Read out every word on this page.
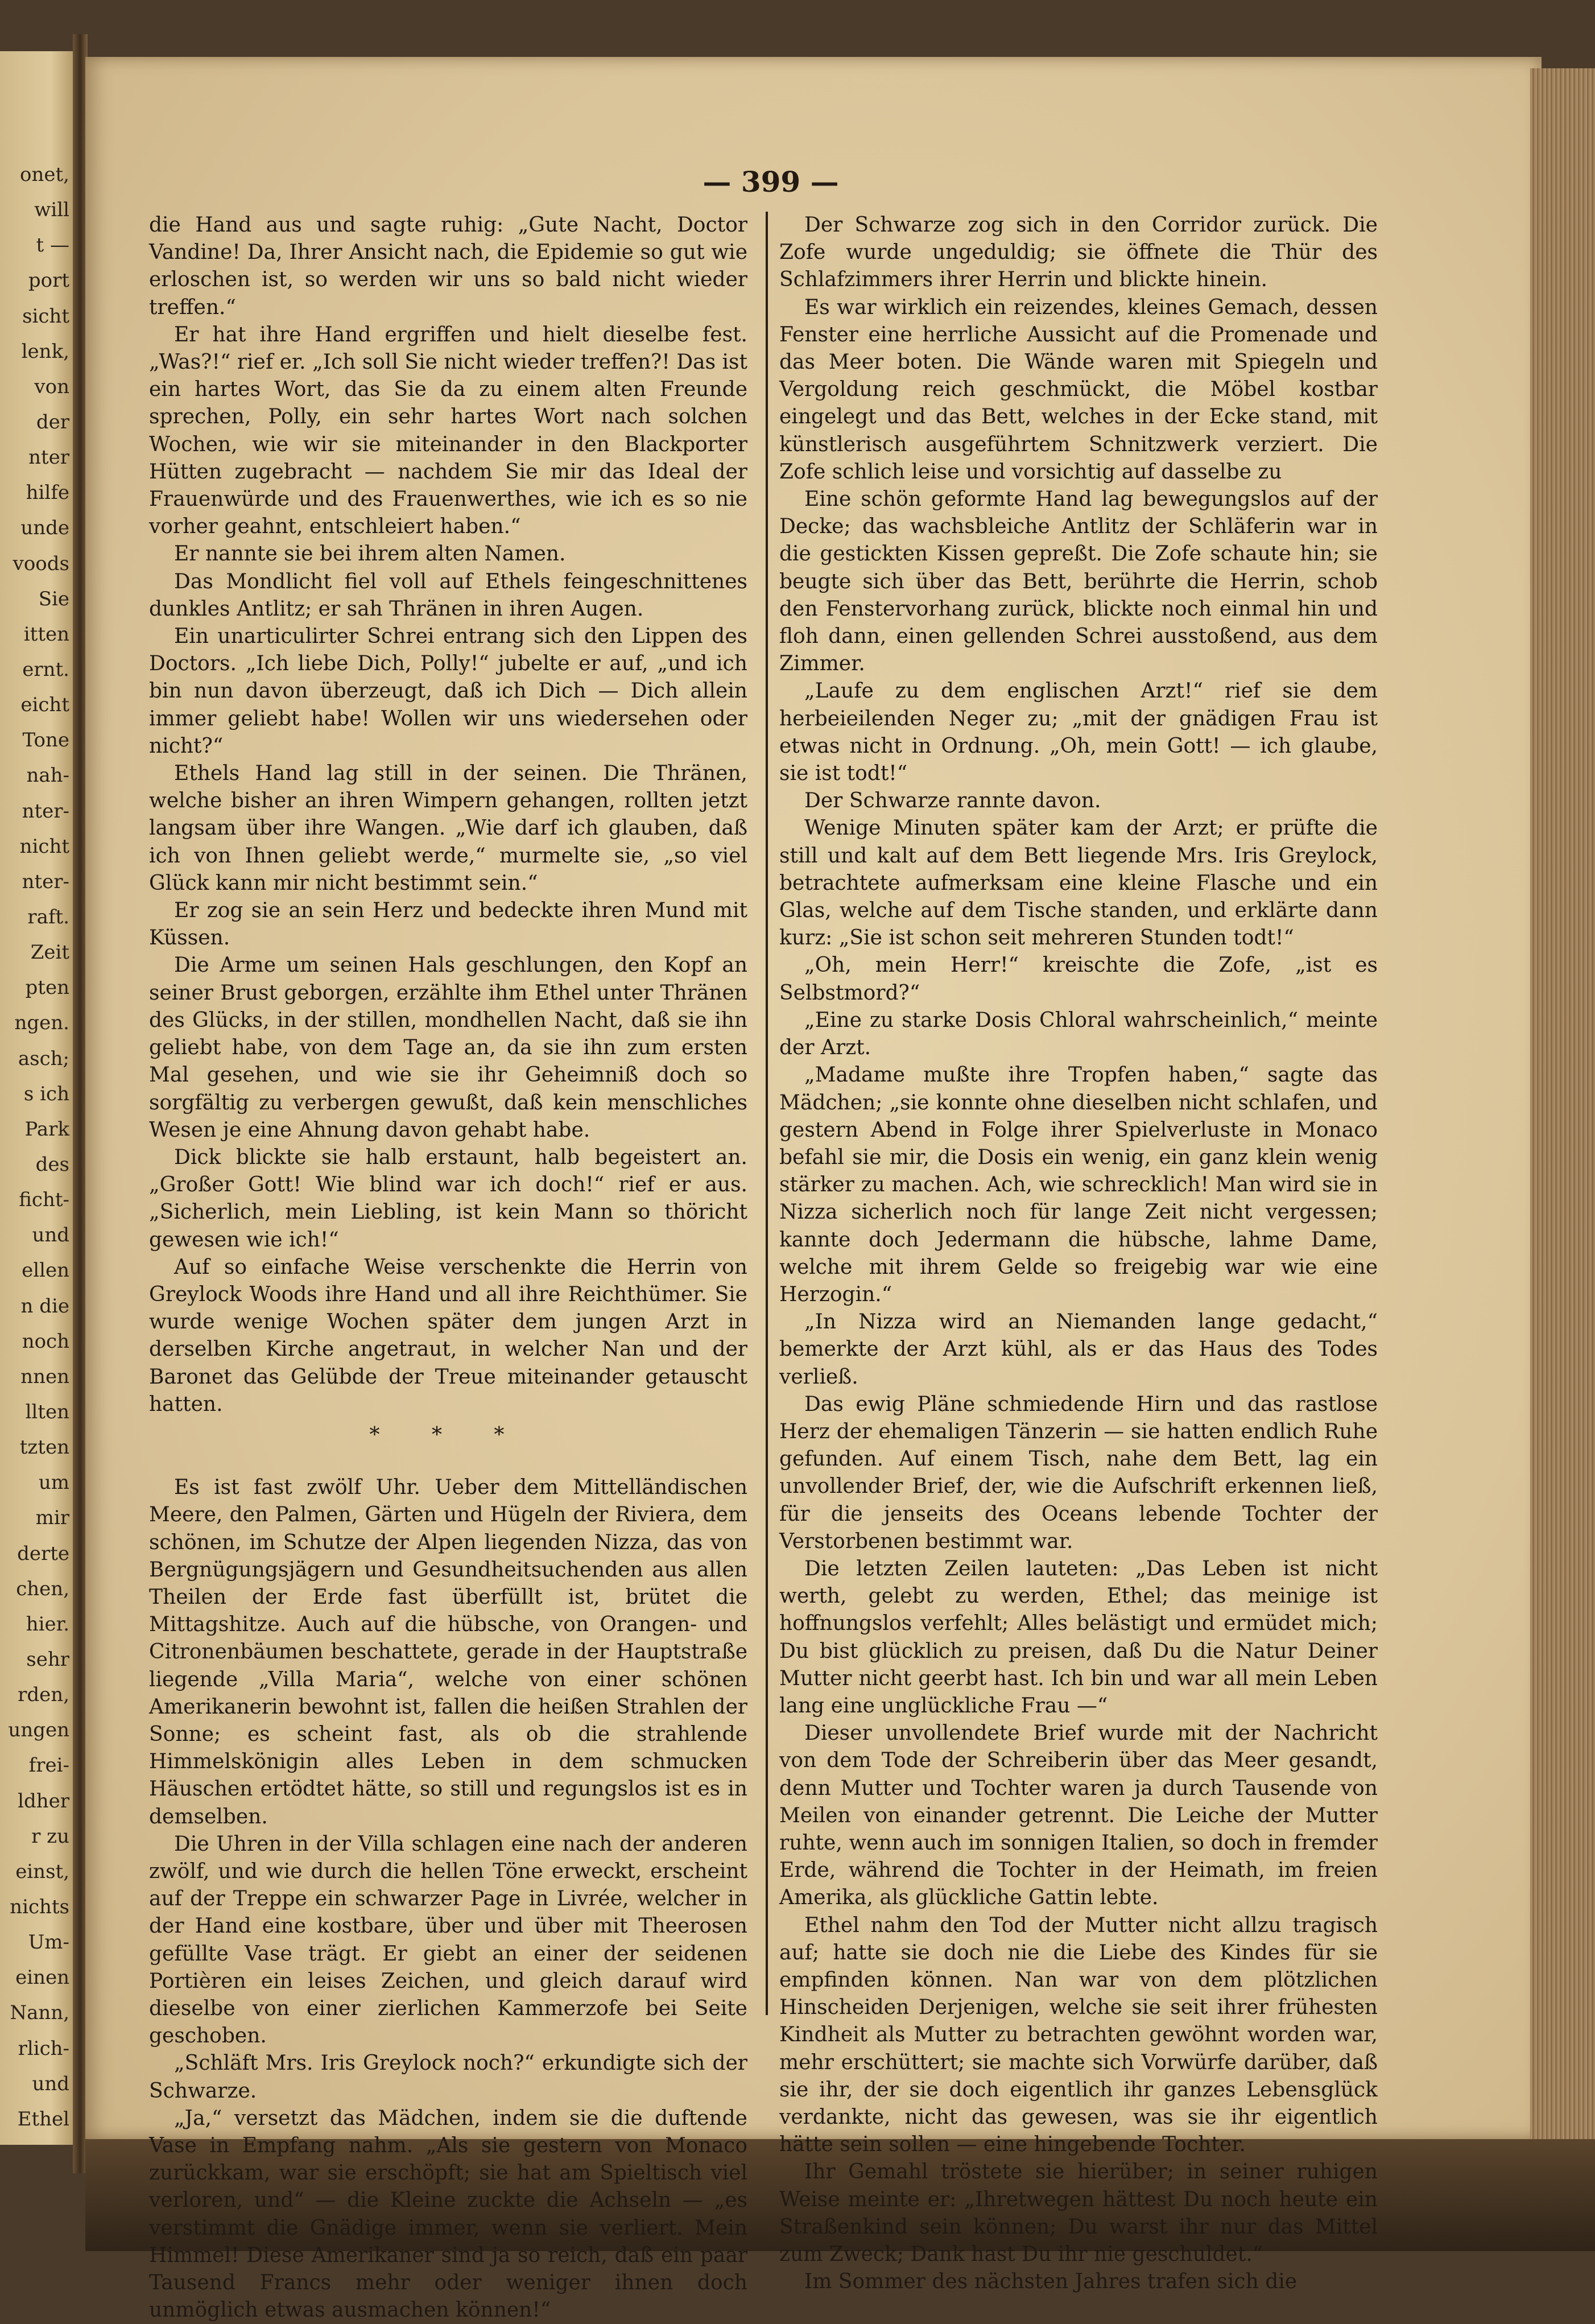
onet,
will
t —
port
sicht
lenk,
von
der
nter
hilfe
unde
voods
Sie
itten
ernt.
eicht
Tone
nah-
nter-
nicht
nter-
raft.
Zeit
pten
ngen.
asch;
s ich
Park
des
ficht-
und
ellen
n die
noch
nnen
llten
tzten
um
mir
derte
chen,
hier.
sehr
rden,
ungen
frei-
ldher
r zu
einst,
nichts
Um-
einen
Nann,
rlich-
und
Ethel
— 399 —

die Hand aus und sagte ruhig: „Gute Nacht, Doctor Vandine! Da, Ihrer Ansicht nach, die Epidemie so gut wie erloschen ist, so werden wir uns so bald nicht wieder treffen.“

Er hat ihre Hand ergriffen und hielt dieselbe fest. „Was?!“ rief er. „Ich soll Sie nicht wieder treffen?! Das ist ein hartes Wort, das Sie da zu einem alten Freunde sprechen, Polly, ein sehr hartes Wort nach solchen Wochen, wie wir sie miteinander in den Blackporter Hütten zugebracht — nachdem Sie mir das Ideal der Frauenwürde und des Frauenwerthes, wie ich es so nie vorher geahnt, entschleiert haben.“

Er nannte sie bei ihrem alten Namen.

Das Mondlicht fiel voll auf Ethels feingeschnittenes dunkles Antlitz; er sah Thränen in ihren Augen.

Ein unarticulirter Schrei entrang sich den Lippen des Doctors. „Ich liebe Dich, Polly!“ jubelte er auf, „und ich bin nun davon überzeugt, daß ich Dich — Dich allein immer geliebt habe! Wollen wir uns wiedersehen oder nicht?“

Ethels Hand lag still in der seinen. Die Thränen, welche bisher an ihren Wimpern gehangen, rollten jetzt langsam über ihre Wangen. „Wie darf ich glauben, daß ich von Ihnen geliebt werde,“ murmelte sie, „so viel Glück kann mir nicht bestimmt sein.“

Er zog sie an sein Herz und bedeckte ihren Mund mit Küssen.

Die Arme um seinen Hals geschlungen, den Kopf an seiner Brust geborgen, erzählte ihm Ethel unter Thränen des Glücks, in der stillen, mondhellen Nacht, daß sie ihn geliebt habe, von dem Tage an, da sie ihn zum ersten Mal gesehen, und wie sie ihr Geheimniß doch so sorgfältig zu verbergen gewußt, daß kein menschliches Wesen je eine Ahnung davon gehabt habe.

Dick blickte sie halb erstaunt, halb begeistert an. „Großer Gott! Wie blind war ich doch!“ rief er aus. „Sicherlich, mein Liebling, ist kein Mann so thöricht gewesen wie ich!“

Auf so einfache Weise verschenkte die Herrin von Greylock Woods ihre Hand und all ihre Reichthümer. Sie wurde wenige Wochen später dem jungen Arzt in derselben Kirche angetraut, in welcher Nan und der Baronet das Gelübde der Treue miteinander getauscht hatten.

* * *

Es ist fast zwölf Uhr. Ueber dem Mittelländischen Meere, den Palmen, Gärten und Hügeln der Riviera, dem schönen, im Schutze der Alpen liegenden Nizza, das von Bergnügungsjägern und Gesundheitsuchenden aus allen Theilen der Erde fast überfüllt ist, brütet die Mittagshitze. Auch auf die hübsche, von Orangen- und Citronenbäumen beschattete, gerade in der Hauptstraße liegende „Villa Maria“, welche von einer schönen Amerikanerin bewohnt ist, fallen die heißen Strahlen der Sonne; es scheint fast, als ob die strahlende Himmelskönigin alles Leben in dem schmucken Häuschen ertödtet hätte, so still und regungslos ist es in demselben.

Die Uhren in der Villa schlagen eine nach der anderen zwölf, und wie durch die hellen Töne erweckt, erscheint auf der Treppe ein schwarzer Page in Livrée, welcher in der Hand eine kostbare, über und über mit Theerosen gefüllte Vase trägt. Er giebt an einer der seidenen Portièren ein leises Zeichen, und gleich darauf wird dieselbe von einer zierlichen Kammerzofe bei Seite geschoben.

„Schläft Mrs. Iris Greylock noch?“ erkundigte sich der Schwarze.

„Ja,“ versetzt das Mädchen, indem sie die duftende Vase in Empfang nahm. „Als sie gestern von Monaco zurückkam, war sie erschöpft; sie hat am Spieltisch viel verloren, und“ — die Kleine zuckte die Achseln — „es verstimmt die Gnädige immer, wenn sie verliert. Mein Himmel! Diese Amerikaner sind ja so reich, daß ein paar Tausend Francs mehr oder weniger ihnen doch unmöglich etwas ausmachen können!“

Der Schwarze zog sich in den Corridor zurück. Die Zofe wurde ungeduldig; sie öffnete die Thür des Schlafzimmers ihrer Herrin und blickte hinein.

Es war wirklich ein reizendes, kleines Gemach, dessen Fenster eine herrliche Aussicht auf die Promenade und das Meer boten. Die Wände waren mit Spiegeln und Vergoldung reich geschmückt, die Möbel kostbar eingelegt und das Bett, welches in der Ecke stand, mit künstlerisch ausgeführtem Schnitzwerk verziert. Die Zofe schlich leise und vorsichtig auf dasselbe zu

Eine schön geformte Hand lag bewegungslos auf der Decke; das wachsbleiche Antlitz der Schläferin war in die gestickten Kissen gepreßt. Die Zofe schaute hin; sie beugte sich über das Bett, berührte die Herrin, schob den Fenstervorhang zurück, blickte noch einmal hin und floh dann, einen gellenden Schrei ausstoßend, aus dem Zimmer.

„Laufe zu dem englischen Arzt!“ rief sie dem herbeieilenden Neger zu; „mit der gnädigen Frau ist etwas nicht in Ordnung. „Oh, mein Gott! — ich glaube, sie ist todt!“

Der Schwarze rannte davon.

Wenige Minuten später kam der Arzt; er prüfte die still und kalt auf dem Bett liegende Mrs. Iris Greylock, betrachtete aufmerksam eine kleine Flasche und ein Glas, welche auf dem Tische standen, und erklärte dann kurz: „Sie ist schon seit mehreren Stunden todt!“

„Oh, mein Herr!“ kreischte die Zofe, „ist es Selbstmord?“

„Eine zu starke Dosis Chloral wahrscheinlich,“ meinte der Arzt.

„Madame mußte ihre Tropfen haben,“ sagte das Mädchen; „sie konnte ohne dieselben nicht schlafen, und gestern Abend in Folge ihrer Spielverluste in Monaco befahl sie mir, die Dosis ein wenig, ein ganz klein wenig stärker zu machen. Ach, wie schrecklich! Man wird sie in Nizza sicherlich noch für lange Zeit nicht vergessen; kannte doch Jedermann die hübsche, lahme Dame, welche mit ihrem Gelde so freigebig war wie eine Herzogin.“

„In Nizza wird an Niemanden lange gedacht,“ bemerkte der Arzt kühl, als er das Haus des Todes verließ.

Das ewig Pläne schmiedende Hirn und das rastlose Herz der ehemaligen Tänzerin — sie hatten endlich Ruhe gefunden. Auf einem Tisch, nahe dem Bett, lag ein unvollender Brief, der, wie die Aufschrift erkennen ließ, für die jenseits des Oceans lebende Tochter der Verstorbenen bestimmt war.

Die letzten Zeilen lauteten: „Das Leben ist nicht werth, gelebt zu werden, Ethel; das meinige ist hoffnungslos verfehlt; Alles belästigt und ermüdet mich; Du bist glücklich zu preisen, daß Du die Natur Deiner Mutter nicht geerbt hast. Ich bin und war all mein Leben lang eine unglückliche Frau —“

Dieser unvollendete Brief wurde mit der Nachricht von dem Tode der Schreiberin über das Meer gesandt, denn Mutter und Tochter waren ja durch Tausende von Meilen von einander getrennt. Die Leiche der Mutter ruhte, wenn auch im sonnigen Italien, so doch in fremder Erde, während die Tochter in der Heimath, im freien Amerika, als glückliche Gattin lebte.

Ethel nahm den Tod der Mutter nicht allzu tragisch auf; hatte sie doch nie die Liebe des Kindes für sie empfinden können. Nan war von dem plötzlichen Hinscheiden Derjenigen, welche sie seit ihrer frühesten Kindheit als Mutter zu betrachten gewöhnt worden war, mehr erschüttert; sie machte sich Vorwürfe darüber, daß sie ihr, der sie doch eigentlich ihr ganzes Lebensglück verdankte, nicht das gewesen, was sie ihr eigentlich hätte sein sollen — eine hingebende Tochter.

Ihr Gemahl tröstete sie hierüber; in seiner ruhigen Weise meinte er: „Ihretwegen hättest Du noch heute ein Straßenkind sein können; Du warst ihr nur das Mittel zum Zweck; Dank hast Du ihr nie geschuldet.“

Im Sommer des nächsten Jahres trafen sich die
